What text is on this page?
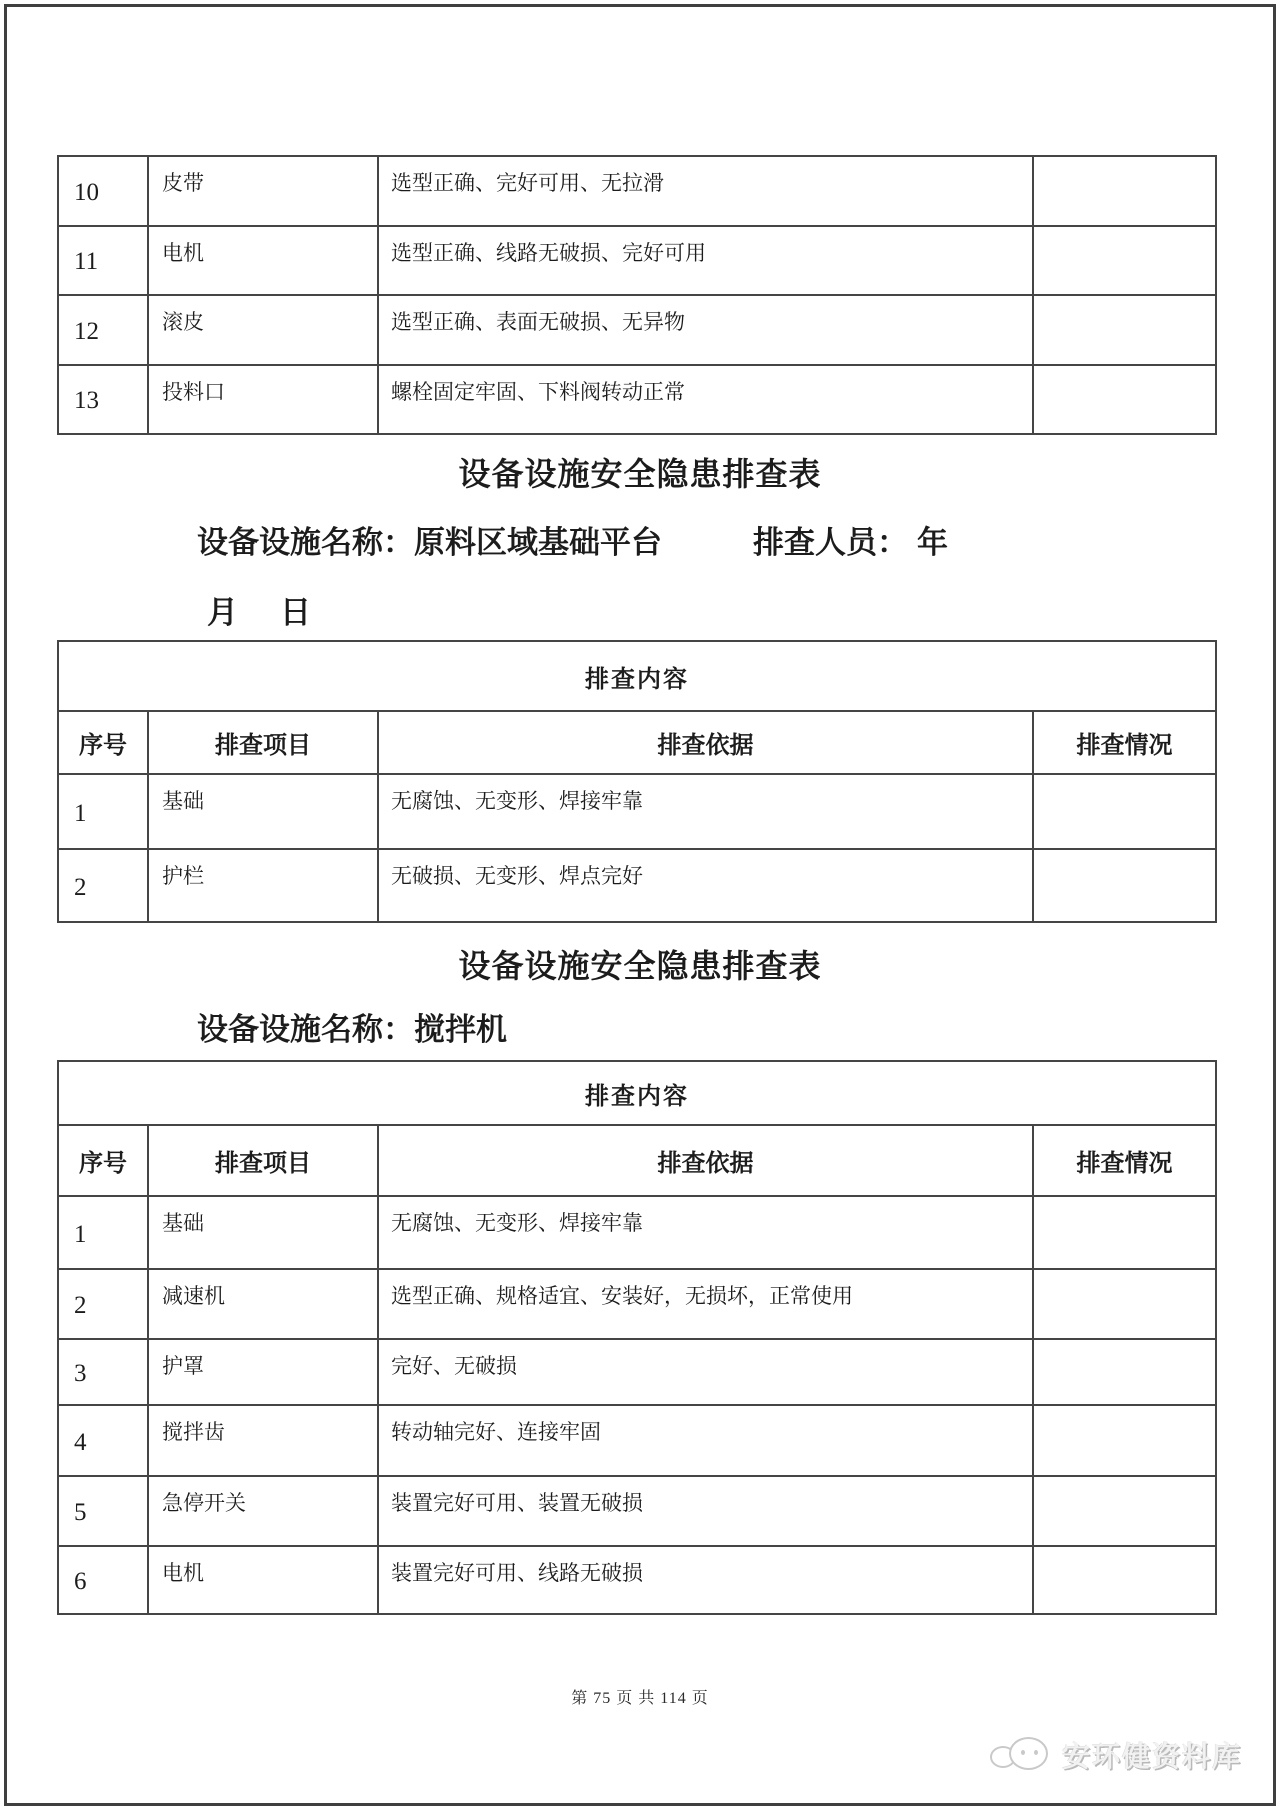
10	皮带	选型正确、完好可用、无拉滑	
11	电机	选型正确、线路无破损、完好可用	
12	滚皮	选型正确、表面无破损、无异物	
13	投料口	螺栓固定牢固、下料阀转动正常	
设备设施安全隐患排查表
设备设施名称：原料区域基础平台	排查人员： 年
月 日
排查内容			
序号	排查项目	排查依据	排查情况
1	基础	无腐蚀、无变形、焊接牢靠	
2	护栏	无破损、无变形、焊点完好	
设备设施安全隐患排查表
设备设施名称：搅拌机
排查内容			
序号	排查项目	排查依据	排查情况
1	基础	无腐蚀、无变形、焊接牢靠	
2	减速机	选型正确、规格适宜、安装好，无损坏，正常使用	
3	护罩	完好、无破损	
4	搅拌齿	转动轴完好、连接牢固	
5	急停开关	装置完好可用、装置无破损	
6	电机	装置完好可用、线路无破损	
第 75 页 共 114 页
安环健资料库
